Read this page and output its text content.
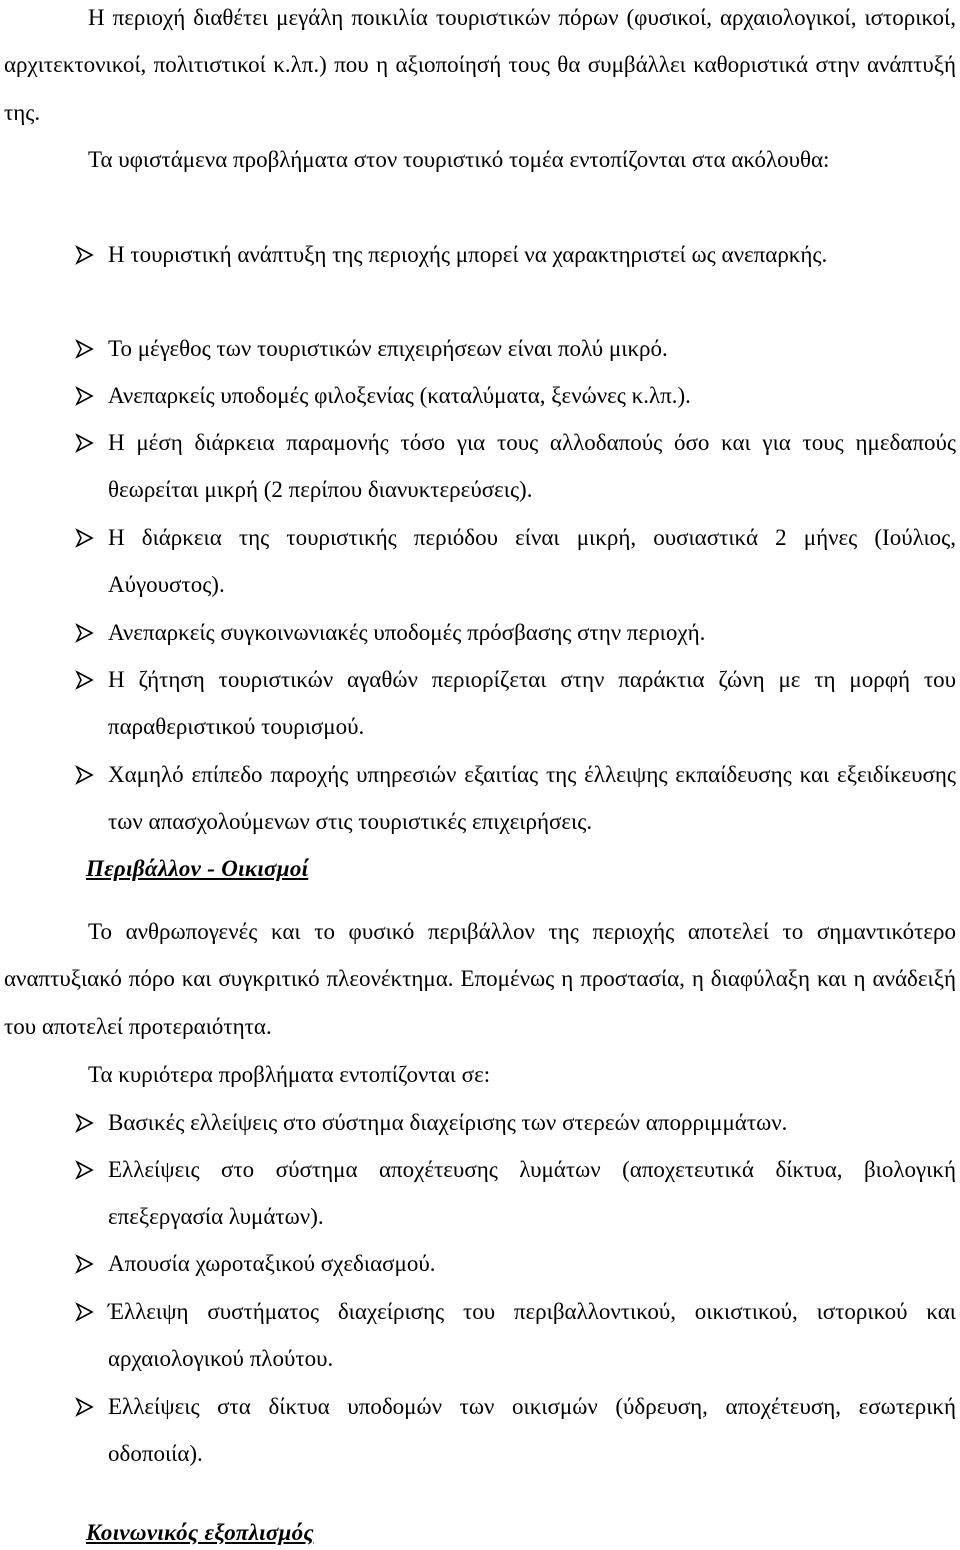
Η περιοχή διαθέτει μεγάλη ποικιλία τουριστικών πόρων (φυσικοί, αρχαιολογικοί, ιστορικοί, αρχιτεκτονικοί, πολιτιστικοί κ.λπ.) που η αξιοποίησή τους θα συμβάλλει καθοριστικά στην ανάπτυξή της.

Τα υφιστάμενα προβλήματα στον τουριστικό τομέα εντοπίζονται στα ακόλουθα:

Η τουριστική ανάπτυξη της περιοχής μπορεί να χαρακτηριστεί ως ανεπαρκής.
Το μέγεθος των τουριστικών επιχειρήσεων είναι πολύ μικρό.
Ανεπαρκείς υποδομές φιλοξενίας (καταλύματα, ξενώνες κ.λπ.).
Η μέση διάρκεια παραμονής τόσο για τους αλλοδαπούς όσο και για τους ημεδαπούς θεωρείται μικρή (2 περίπου διανυκτερεύσεις).
Η διάρκεια της τουριστικής περιόδου είναι μικρή, ουσιαστικά 2 μήνες (Ιούλιος, Αύγουστος).
Ανεπαρκείς συγκοινωνιακές υποδομές πρόσβασης στην περιοχή.
Η ζήτηση τουριστικών αγαθών περιορίζεται στην παράκτια ζώνη με τη μορφή του παραθεριστικού τουρισμού.
Χαμηλό επίπεδο παροχής υπηρεσιών εξαιτίας της έλλειψης εκπαίδευσης και εξειδίκευσης των απασχολούμενων στις τουριστικές επιχειρήσεις.
Περιβάλλον - Οικισμοί

Το ανθρωπογενές και το φυσικό περιβάλλον της περιοχής αποτελεί το σημαντικότερο αναπτυξιακό πόρο και συγκριτικό πλεονέκτημα. Επομένως η προστασία, η διαφύλαξη και η ανάδειξή του αποτελεί προτεραιότητα.

Τα κυριότερα προβλήματα εντοπίζονται σε:

Βασικές ελλείψεις στο σύστημα διαχείρισης των στερεών απορριμμάτων.
Ελλείψεις στο σύστημα αποχέτευσης λυμάτων (αποχετευτικά δίκτυα, βιολογική επεξεργασία λυμάτων).
Απουσία χωροταξικού σχεδιασμού.
Έλλειψη συστήματος διαχείρισης του περιβαλλοντικού, οικιστικού, ιστορικού και αρχαιολογικού πλούτου.
Ελλείψεις στα δίκτυα υποδομών των οικισμών (ύδρευση, αποχέτευση, εσωτερική οδοποιία).
Κοινωνικός εξοπλισμός
